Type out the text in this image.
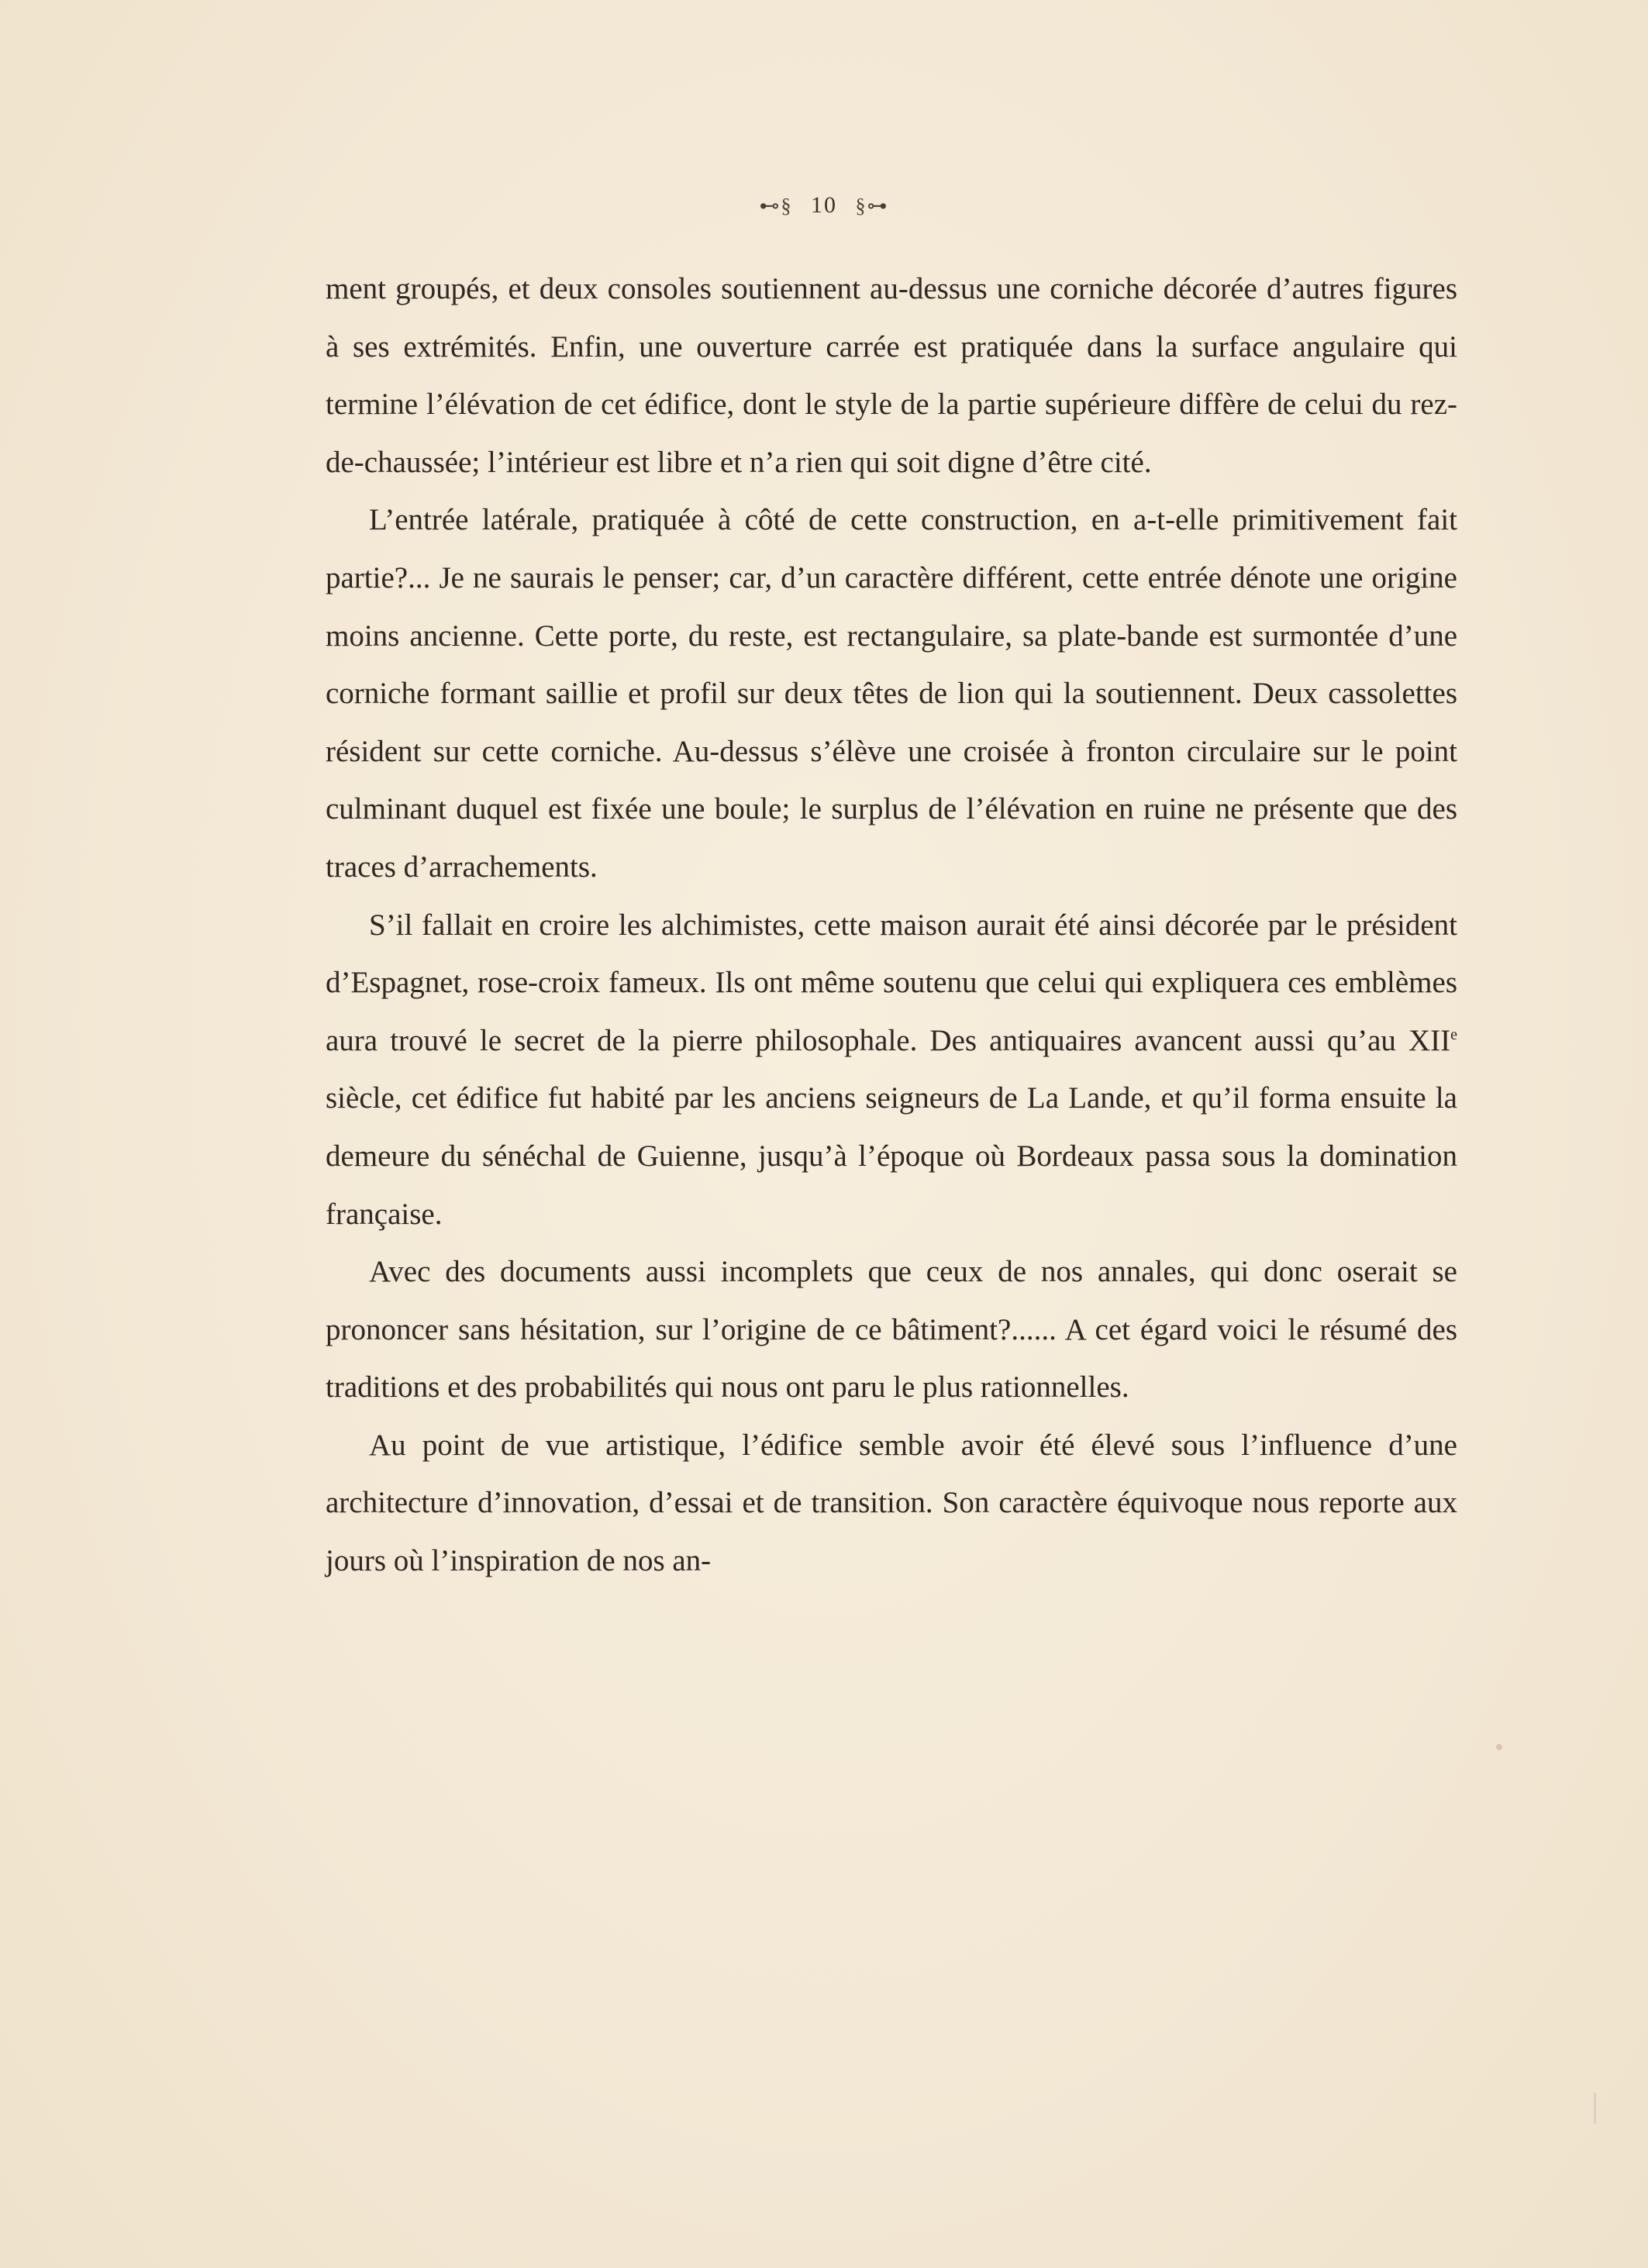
⊷§ 10 §⊶

ment groupés, et deux consoles soutiennent au-dessus une corniche décorée d’autres figures à ses extrémités. Enfin, une ouverture carrée est pratiquée dans la surface angulaire qui termine l’élévation de cet édifice, dont le style de la partie supérieure diffère de celui du rez-de-chaussée; l’intérieur est libre et n’a rien qui soit digne d’être cité.

L’entrée latérale, pratiquée à côté de cette construction, en a-t-elle primitivement fait partie?... Je ne saurais le penser; car, d’un caractère différent, cette entrée dénote une origine moins ancienne. Cette porte, du reste, est rectangulaire, sa plate-bande est surmontée d’une corniche formant saillie et profil sur deux têtes de lion qui la soutiennent. Deux cassolettes résident sur cette corniche. Au-dessus s’élève une croisée à fronton circulaire sur le point culminant duquel est fixée une boule; le surplus de l’élévation en ruine ne présente que des traces d’arrachements.

S’il fallait en croire les alchimistes, cette maison aurait été ainsi décorée par le président d’Espagnet, rose-croix fameux. Ils ont même soutenu que celui qui expliquera ces emblèmes aura trouvé le secret de la pierre philosophale. Des antiquaires avancent aussi qu’au XIIe siècle, cet édifice fut habité par les anciens seigneurs de La Lande, et qu’il forma ensuite la demeure du sénéchal de Guienne, jusqu’à l’époque où Bordeaux passa sous la domination française.

Avec des documents aussi incomplets que ceux de nos annales, qui donc oserait se prononcer sans hésitation, sur l’origine de ce bâtiment?...... A cet égard voici le résumé des traditions et des probabilités qui nous ont paru le plus rationnelles.

Au point de vue artistique, l’édifice semble avoir été élevé sous l’influence d’une architecture d’innovation, d’essai et de transition. Son caractère équivoque nous reporte aux jours où l’inspiration de nos an-
